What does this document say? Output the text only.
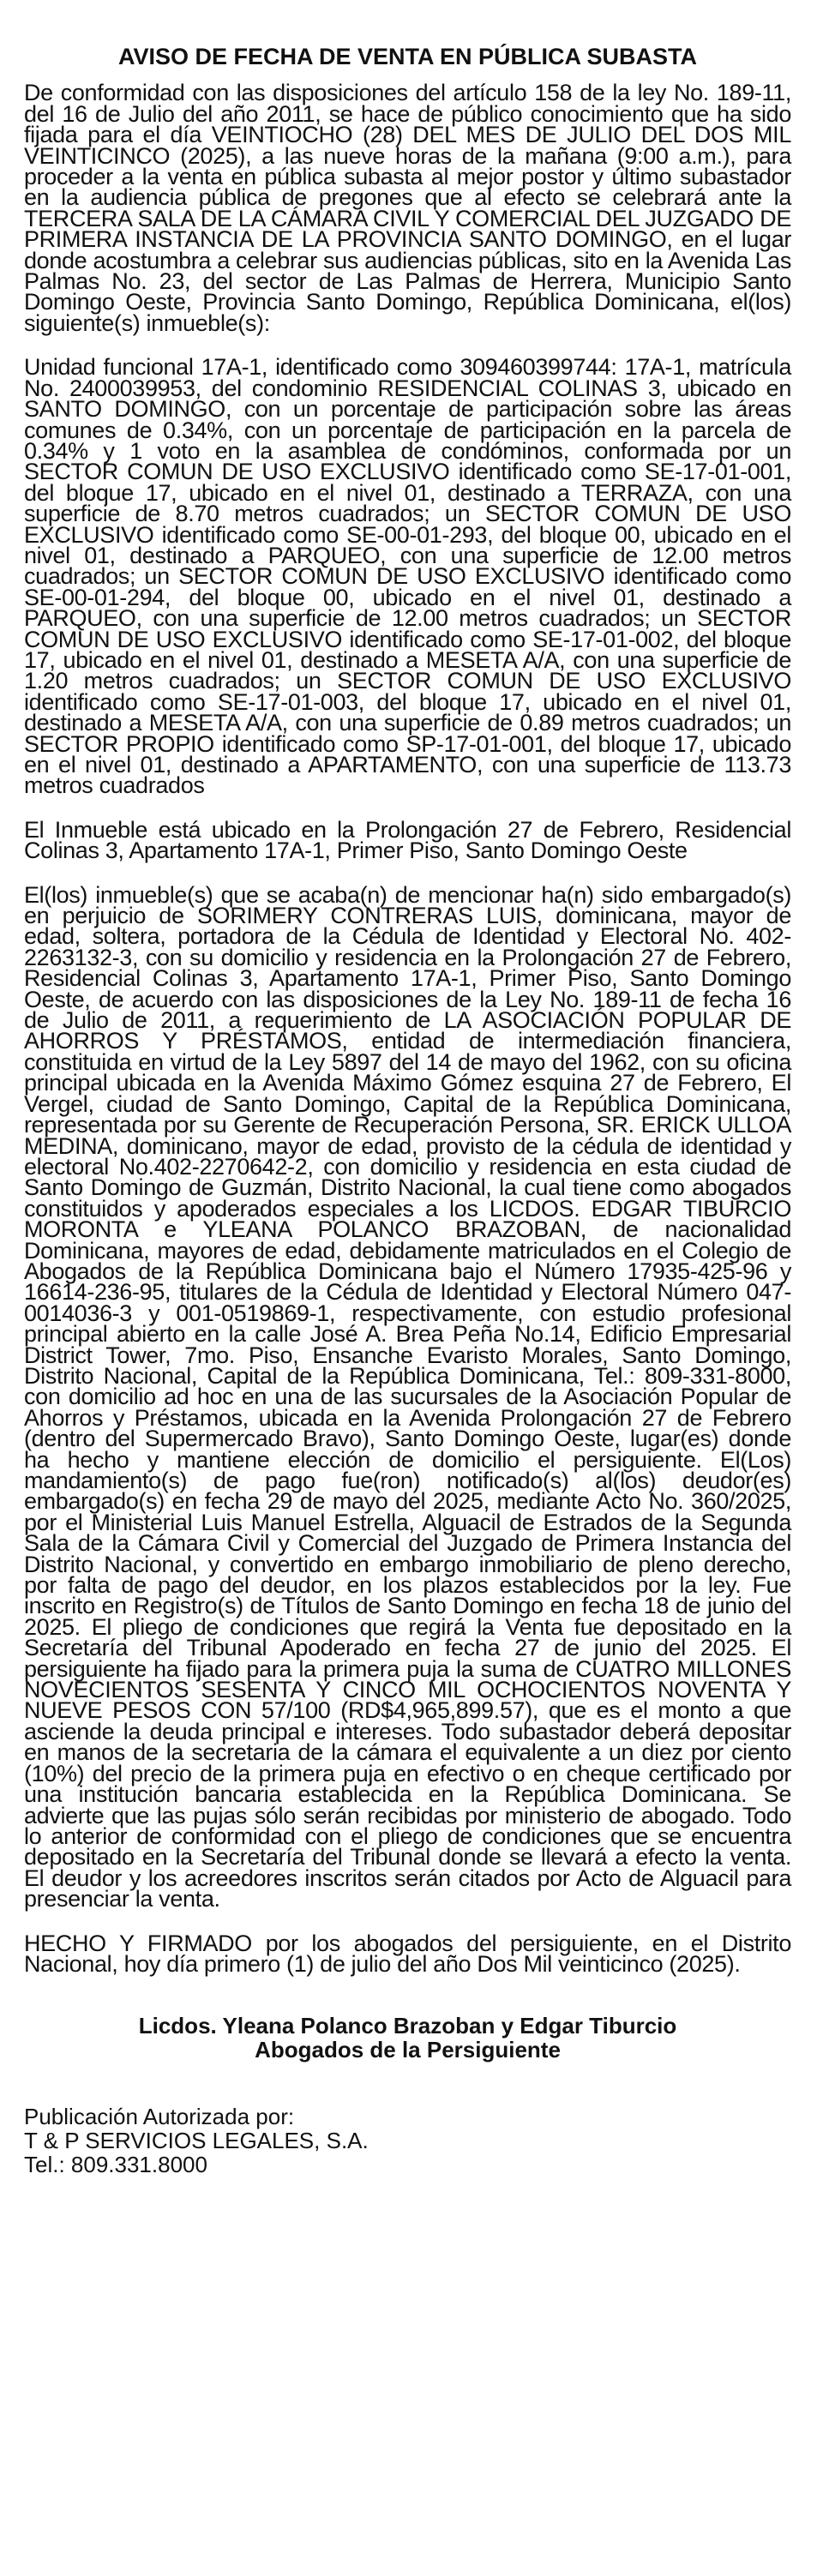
AVISO DE FECHA DE VENTA EN PÚBLICA SUBASTA

De conformidad con las disposiciones del artículo 158 de la ley No. 189-11, del 16 de Julio del año 2011, se hace de público conocimiento que ha sido fijada para el día VEINTIOCHO (28) DEL MES DE JULIO DEL DOS MIL VEINTICINCO (2025), a las nueve horas de la mañana (9:00 a.m.), para proceder a la venta en pública subasta al mejor postor y último subastador en la audiencia pública de pregones que al efecto se celebrará ante la TERCERA SALA DE LA CÁMARA CIVIL Y COMERCIAL DEL JUZGADO DE PRIMERA INSTANCIA DE LA PROVINCIA SANTO DOMINGO, en el lugar donde acostumbra a celebrar sus audiencias públicas, sito en la Avenida Las Palmas No. 23, del sector de Las Palmas de Herrera, Municipio Santo Domingo Oeste, Provincia Santo Domingo, República Dominicana, el(los) siguiente(s) inmueble(s):

Unidad funcional 17A-1, identificado como 309460399744: 17A-1, matrícula No. 2400039953, del condominio RESIDENCIAL COLINAS 3, ubicado en SANTO DOMINGO, con un porcentaje de participación sobre las áreas comunes de 0.34%, con un porcentaje de participación en la parcela de 0.34% y 1 voto en la asamblea de condóminos, conformada por un SECTOR COMUN DE USO EXCLUSIVO identificado como SE-17-01-001, del bloque 17, ubicado en el nivel 01, destinado a TERRAZA, con una superficie de 8.70 metros cuadrados; un SECTOR COMUN DE USO EXCLUSIVO identificado como SE-00-01-293, del bloque 00, ubicado en el nivel 01, destinado a PARQUEO, con una superficie de 12.00 metros cuadrados; un SECTOR COMUN DE USO EXCLUSIVO identificado como SE-00-01-294, del bloque 00, ubicado en el nivel 01, destinado a PARQUEO, con una superficie de 12.00 metros cuadrados; un SECTOR COMUN DE USO EXCLUSIVO identificado como SE-17-01-002, del bloque 17, ubicado en el nivel 01, destinado a MESETA A/A, con una superficie de 1.20 metros cuadrados; un SECTOR COMUN DE USO EXCLUSIVO identificado como SE-17-01-003, del bloque 17, ubicado en el nivel 01, destinado a MESETA A/A, con una superficie de 0.89 metros cuadrados; un SECTOR PROPIO identificado como SP-17-01-001, del bloque 17, ubicado en el nivel 01, destinado a APARTAMENTO, con una superficie de 113.73 metros cuadrados

El Inmueble está ubicado en la Prolongación 27 de Febrero, Residencial Colinas 3, Apartamento 17A-1, Primer Piso, Santo Domingo Oeste

El(los) inmueble(s) que se acaba(n) de mencionar ha(n) sido embargado(s) en perjuicio de SORIMERY CONTRERAS LUIS, dominicana, mayor de edad, soltera, portadora de la Cédula de Identidad y Electoral No. 402-2263132-3, con su domicilio y residencia en la Prolongación 27 de Febrero, Residencial Colinas 3, Apartamento 17A-1, Primer Piso, Santo Domingo Oeste, de acuerdo con las disposiciones de la Ley No. 189-11 de fecha 16 de Julio de 2011, a requerimiento de LA ASOCIACIÓN POPULAR DE AHORROS Y PRÉSTAMOS, entidad de intermediación financiera, constituida en virtud de la Ley 5897 del 14 de mayo del 1962, con su oficina principal ubicada en la Avenida Máximo Gómez esquina 27 de Febrero, El Vergel, ciudad de Santo Domingo, Capital de la República Dominicana, representada por su Gerente de Recuperación Persona, SR. ERICK ULLOA MEDINA, dominicano, mayor de edad, provisto de la cédula de identidad y electoral No.402-2270642-2, con domicilio y residencia en esta ciudad de Santo Domingo de Guzmán, Distrito Nacional, la cual tiene como abogados constituidos y apoderados especiales a los LICDOS. EDGAR TIBURCIO MORONTA e YLEANA POLANCO BRAZOBAN, de nacionalidad Dominicana, mayores de edad, debidamente matriculados en el Colegio de Abogados de la República Dominicana bajo el Número 17935-425-96 y 16614-236-95, titulares de la Cédula de Identidad y Electoral Número 047-0014036-3 y 001-0519869-1, respectivamente, con estudio profesional principal abierto en la calle José A. Brea Peña No.14, Edificio Empresarial District Tower, 7mo. Piso, Ensanche Evaristo Morales, Santo Domingo, Distrito Nacional, Capital de la República Dominicana, Tel.: 809-331-8000, con domicilio ad hoc en una de las sucursales de la Asociación Popular de Ahorros y Préstamos, ubicada en la Avenida Prolongación 27 de Febrero (dentro del Supermercado Bravo), Santo Domingo Oeste, lugar(es) donde ha hecho y mantiene elección de domicilio el persiguiente. El(Los) mandamiento(s) de pago fue(ron) notificado(s) al(los) deudor(es) embargado(s) en fecha 29 de mayo del 2025, mediante Acto No. 360/2025, por el Ministerial Luis Manuel Estrella, Alguacil de Estrados de la Segunda Sala de la Cámara Civil y Comercial del Juzgado de Primera Instancia del Distrito Nacional, y convertido en embargo inmobiliario de pleno derecho, por falta de pago del deudor, en los plazos establecidos por la ley. Fue inscrito en Registro(s) de Títulos de Santo Domingo en fecha 18 de junio del 2025. El pliego de condiciones que regirá la Venta fue depositado en la Secretaría del Tribunal Apoderado en fecha 27 de junio del 2025. El persiguiente ha fijado para la primera puja la suma de CUATRO MILLONES NOVECIENTOS SESENTA Y CINCO MIL OCHOCIENTOS NOVENTA Y NUEVE PESOS CON 57/100 (RD$4,965,899.57), que es el monto a que asciende la deuda principal e intereses. Todo subastador deberá depositar en manos de la secretaria de la cámara el equivalente a un diez por ciento (10%) del precio de la primera puja en efectivo o en cheque certificado por una institución bancaria establecida en la República Dominicana. Se advierte que las pujas sólo serán recibidas por ministerio de abogado. Todo lo anterior de conformidad con el pliego de condiciones que se encuentra depositado en la Secretaría del Tribunal donde se llevará a efecto la venta. El deudor y los acreedores inscritos serán citados por Acto de Alguacil para presenciar la venta.

HECHO Y FIRMADO por los abogados del persiguiente, en el Distrito Nacional, hoy día primero (1) de julio del año Dos Mil veinticinco (2025).

Licdos. Yleana Polanco Brazoban y Edgar Tiburcio
Abogados de la Persiguiente
Publicación Autorizada por:
T & P SERVICIOS LEGALES, S.A.
Tel.: 809.331.8000
